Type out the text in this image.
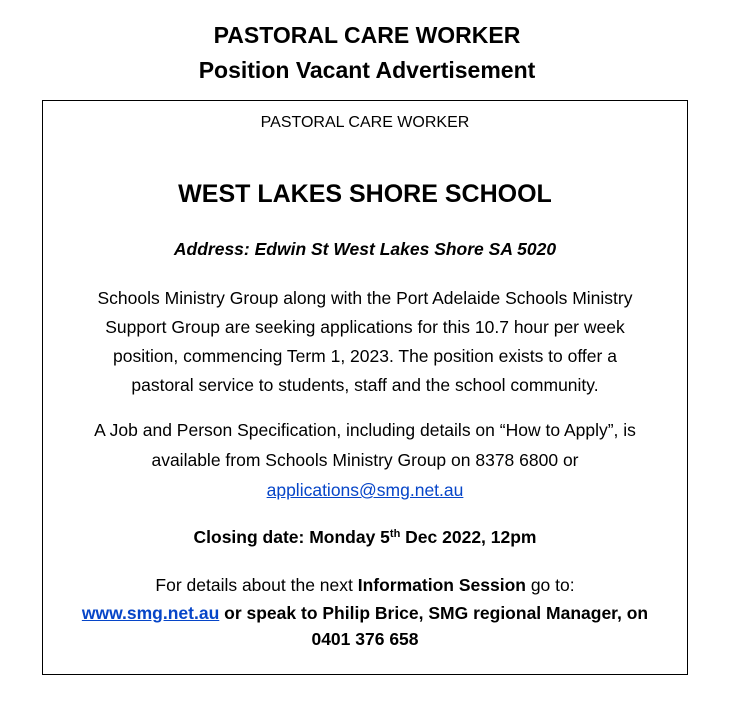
PASTORAL CARE WORKER
Position Vacant Advertisement
PASTORAL CARE WORKER
WEST LAKES SHORE SCHOOL
Address: Edwin St West Lakes Shore SA 5020
Schools Ministry Group along with the Port Adelaide Schools Ministry
Support Group are seeking applications for this 10.7 hour per week
position, commencing Term 1, 2023. The position exists to offer a
pastoral service to students, staff and the school community.
A Job and Person Specification, including details on “How to Apply”, is
available from Schools Ministry Group on 8378 6800 or
applications@smg.net.au
Closing date: Monday 5th Dec 2022, 12pm
For details about the next Information Session go to:
www.smg.net.au or speak to Philip Brice, SMG regional Manager, on
0401 376 658
